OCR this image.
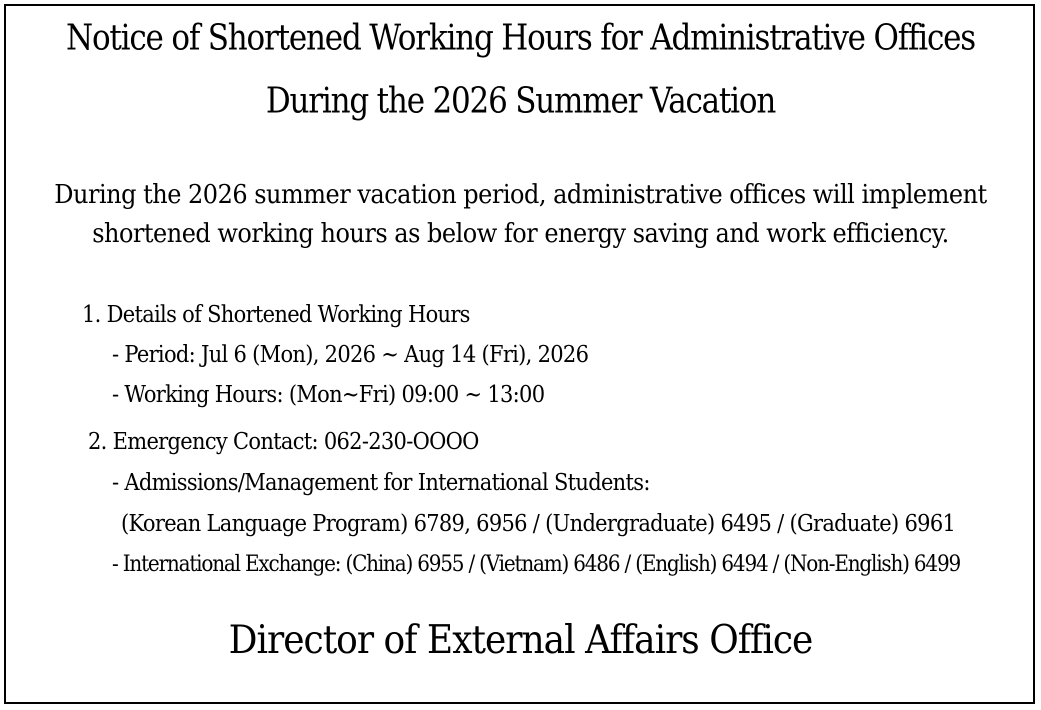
Notice of Shortened Working Hours for Administrative Offices
During the 2026 Summer Vacation
During the 2026 summer vacation period, administrative offices will implement
shortened working hours as below for energy saving and work efficiency.
1. Details of Shortened Working Hours
- Period: Jul 6 (Mon), 2026 ~ Aug 14 (Fri), 2026
- Working Hours: (Mon~Fri) 09:00 ~ 13:00
2. Emergency Contact: 062-230-OOOO
- Admissions/Management for International Students:
(Korean Language Program) 6789, 6956 / (Undergraduate) 6495 / (Graduate) 6961
- International Exchange: (China) 6955 / (Vietnam) 6486 / (English) 6494 / (Non-English) 6499
Director of External Affairs Office
